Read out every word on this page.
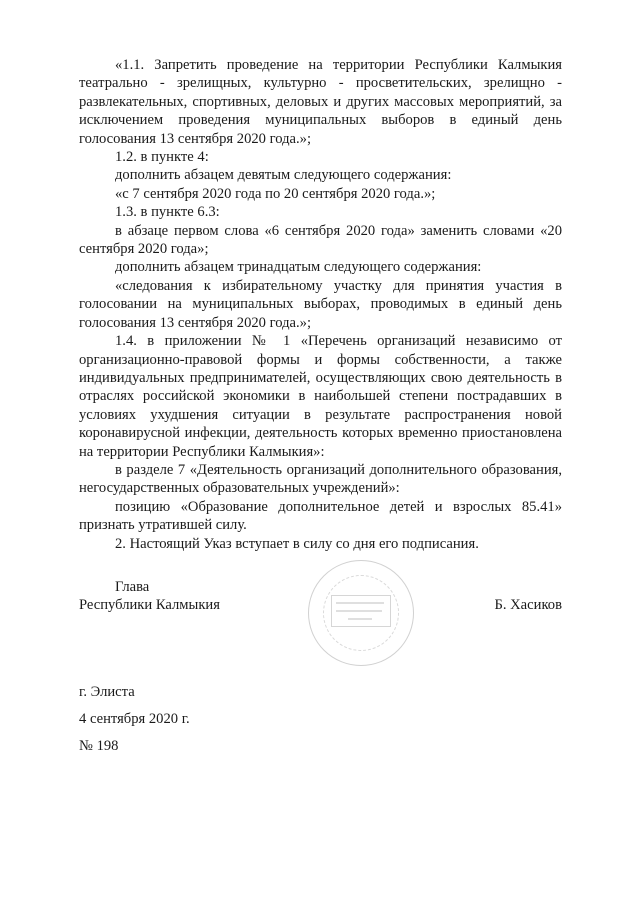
«1.1. Запретить проведение на территории Республики Калмыкия театрально - зрелищных, культурно - просветительских, зрелищно - развлекательных, спортивных, деловых и других массовых мероприятий, за исключением проведения муниципальных выборов в единый день голосования 13 сентября 2020 года.»;

1.2. в пункте 4:

дополнить абзацем девятым следующего содержания:

«с 7 сентября 2020 года по 20 сентября 2020 года.»;

1.3. в пункте 6.3:

в абзаце первом слова «6 сентября 2020 года» заменить словами «20 сентября 2020 года»;

дополнить абзацем тринадцатым следующего содержания:

«следования к избирательному участку для принятия участия в голосовании на муниципальных выборах, проводимых в единый день голосования 13 сентября 2020 года.»;

1.4. в приложении № 1 «Перечень организаций независимо от организационно-правовой формы и формы собственности, а также индивидуальных предпринимателей, осуществляющих свою деятельность в отраслях российской экономики в наибольшей степени пострадавших в условиях ухудшения ситуации в результате распространения новой коронавирусной инфекции, деятельность которых временно приостановлена на территории Республики Калмыкия»:

в разделе 7 «Деятельность организаций дополнительного образования, негосударственных образовательных учреждений»:

позицию «Образование дополнительное детей и взрослых 85.41» признать утратившей силу.

2. Настоящий Указ вступает в силу со дня его подписания.

Глава
Республики Калмыкия	Б. Хасиков
г. Элиста
4 сентября 2020 г.
№ 198
